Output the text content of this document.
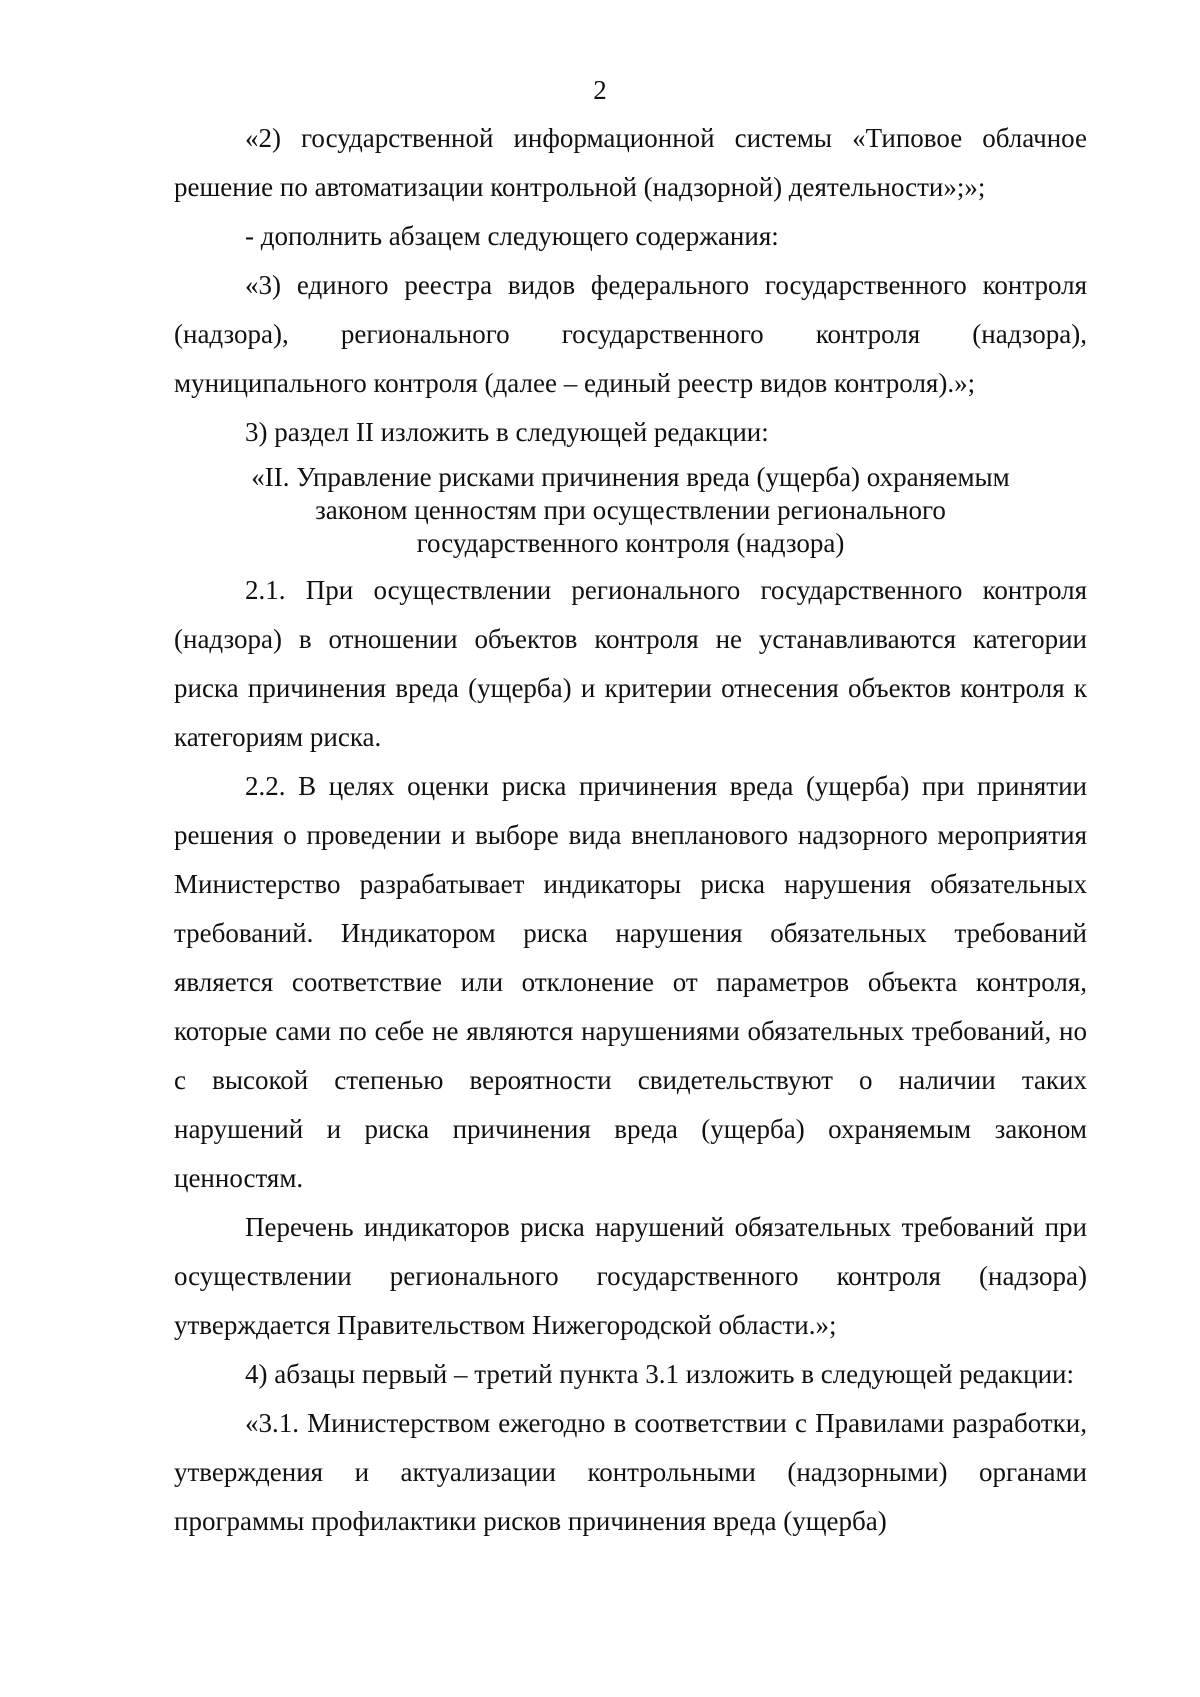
2

«2) государственной информационной системы «Типовое облачное решение по автоматизации контрольной (надзорной) деятельности»;»;

- дополнить абзацем следующего содержания:

«3) единого реестра видов федерального государственного контроля (надзора), регионального государственного контроля (надзора), муниципального контроля (далее – единый реестр видов контроля).»;

3) раздел II изложить в следующей редакции:

«II. Управление рисками причинения вреда (ущерба) охраняемым
законом ценностям при осуществлении регионального
государственного контроля (надзора)

2.1. При осуществлении регионального государственного контроля (надзора) в отношении объектов контроля не устанавливаются категории риска причинения вреда (ущерба) и критерии отнесения объектов контроля к категориям риска.

2.2. В целях оценки риска причинения вреда (ущерба) при принятии решения о проведении и выборе вида внепланового надзорного мероприятия Министерство разрабатывает индикаторы риска нарушения обязательных требований. Индикатором риска нарушения обязательных требований является соответствие или отклонение от параметров объекта контроля, которые сами по себе не являются нарушениями обязательных требований, но с высокой степенью вероятности свидетельствуют о наличии таких нарушений и риска причинения вреда (ущерба) охраняемым законом ценностям.

Перечень индикаторов риска нарушений обязательных требований при осуществлении регионального государственного контроля (надзора) утверждается Правительством Нижегородской области.»;

4) абзацы первый – третий пункта 3.1 изложить в следующей редакции:

«3.1. Министерством ежегодно в соответствии с Правилами разработки, утверждения и актуализации контрольными (надзорными) органами программы профилактики рисков причинения вреда (ущерба)
